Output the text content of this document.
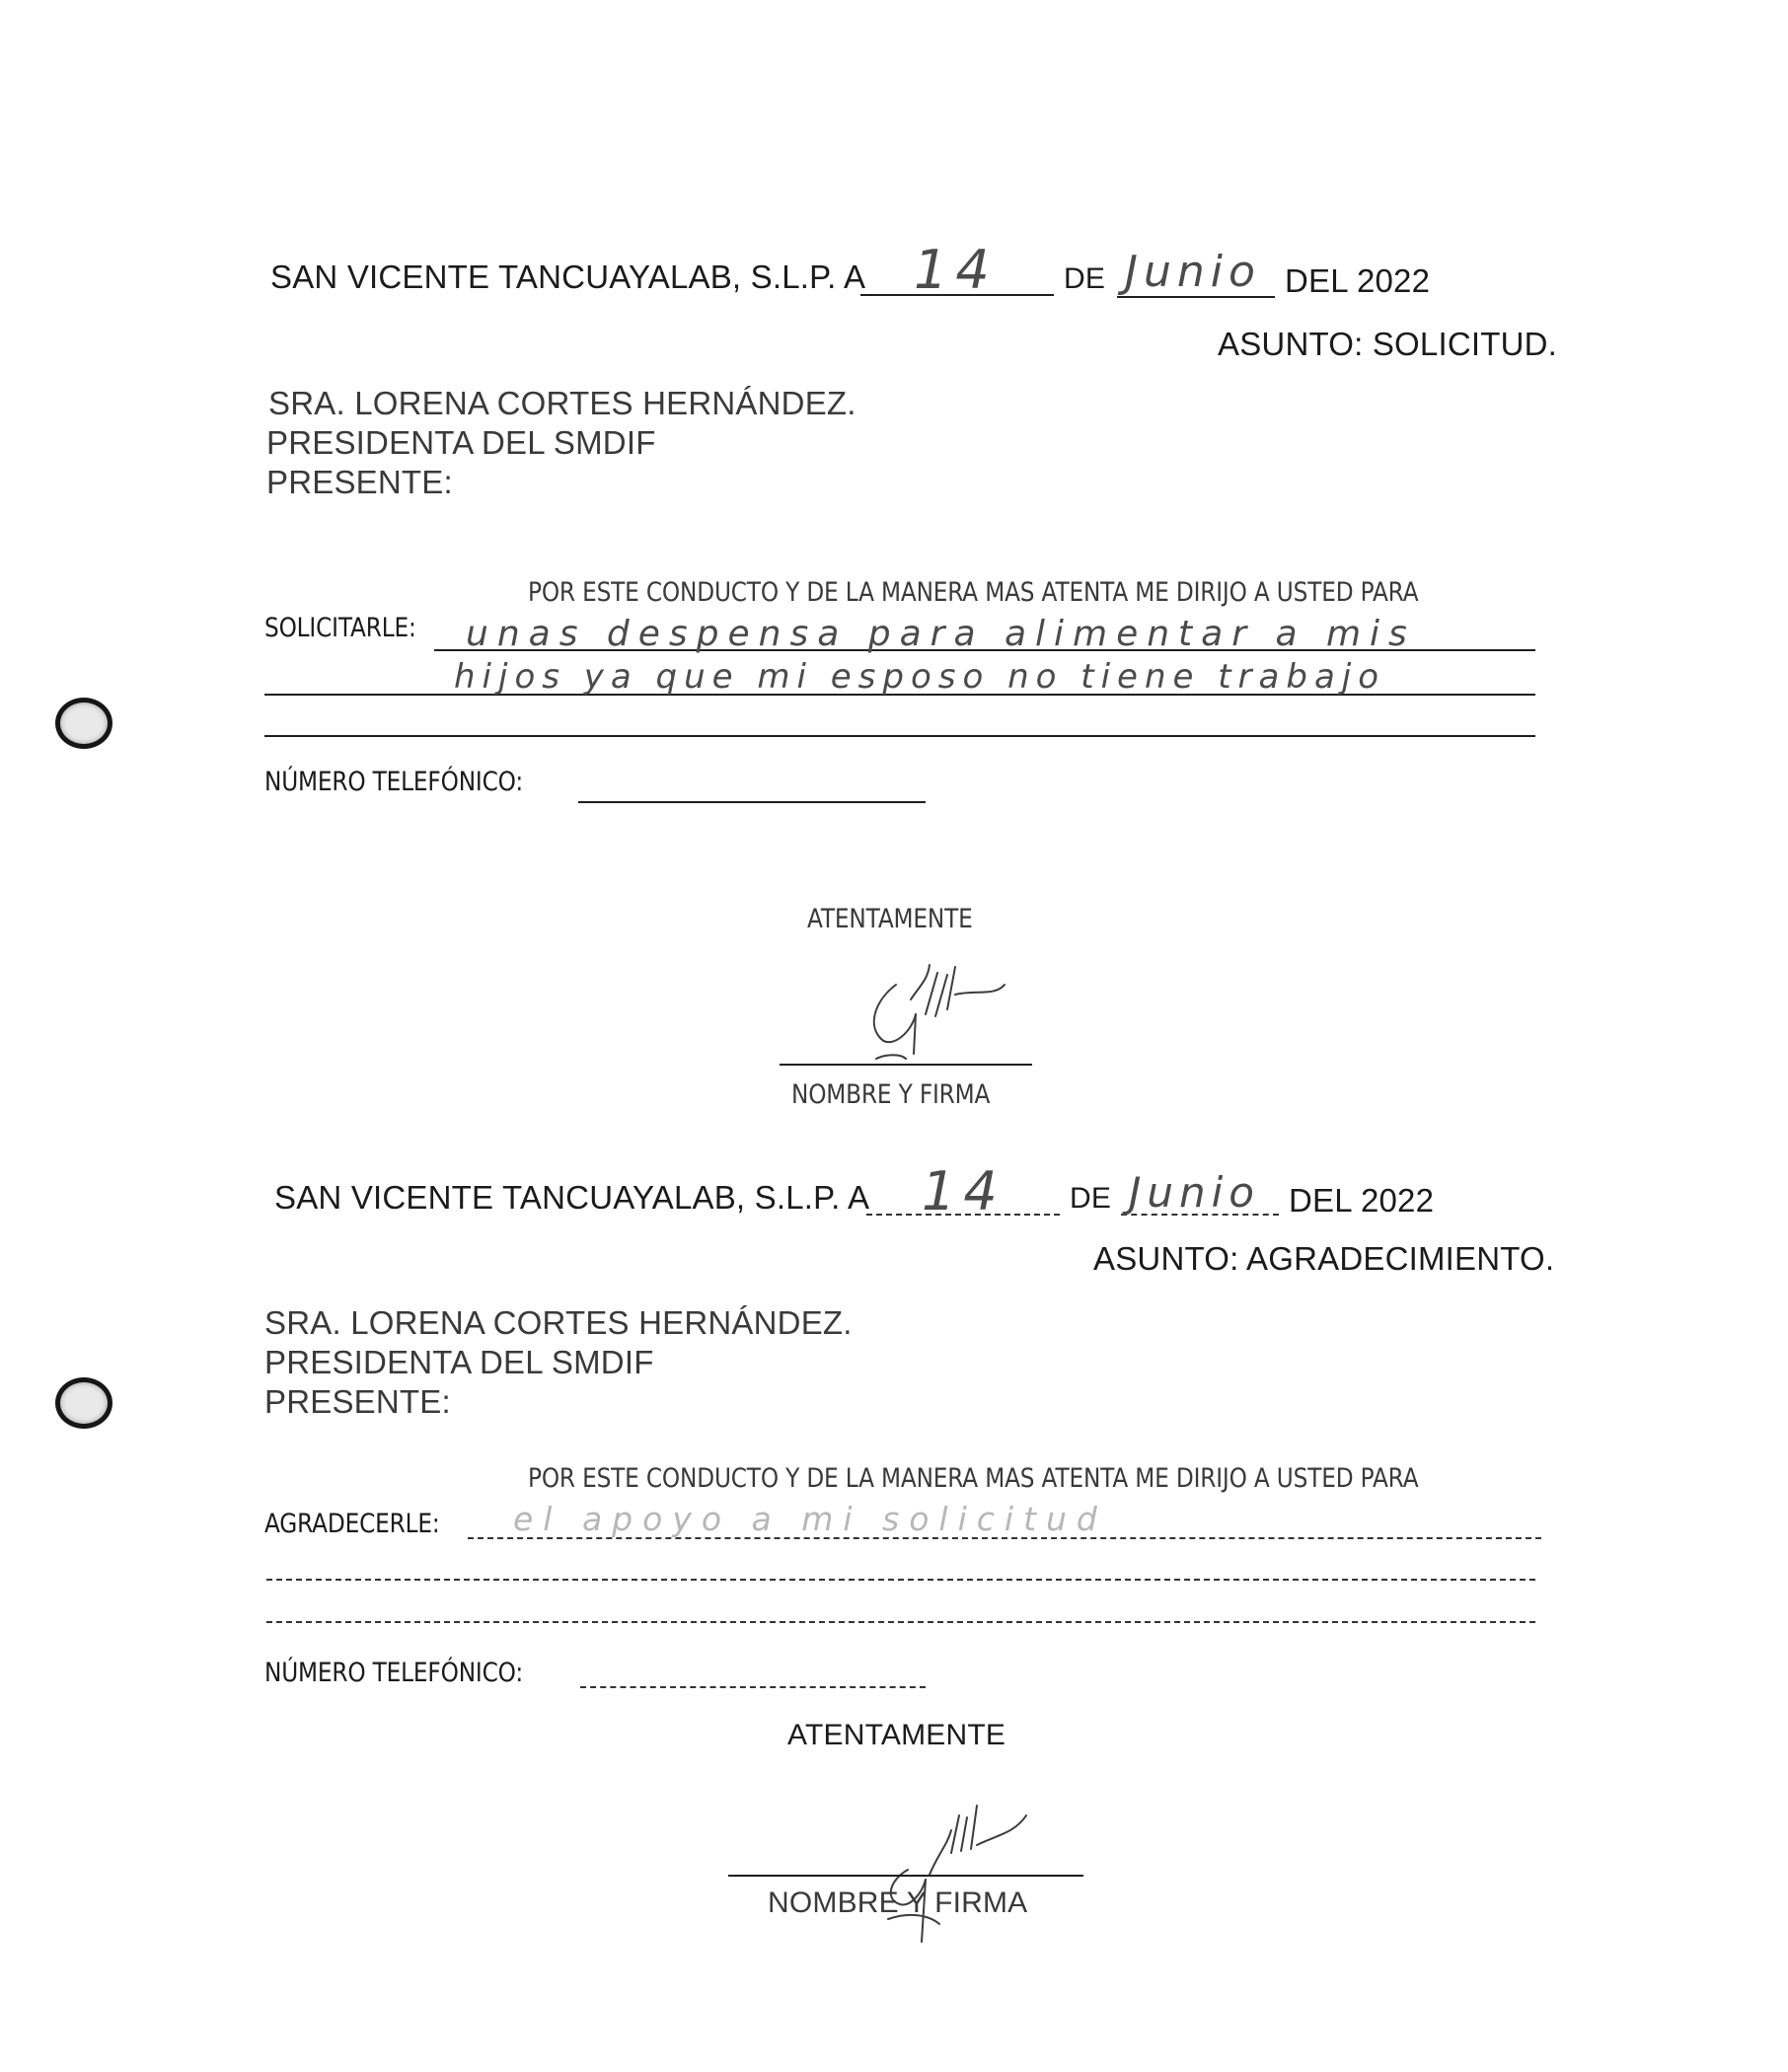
SAN VICENTE TANCUAYALAB, S.L.P. A 14 DE Junio DEL 2022
ASUNTO: SOLICITUD.
SRA. LORENA CORTES HERNÁNDEZ.
PRESIDENTA DEL SMDIF
PRESENTE:
POR ESTE CONDUCTO Y DE LA MANERA MAS ATENTA ME DIRIJO A USTED PARA
SOLICITARLE: unas despensa para alimentar a mis
hijos ya que mi esposo no tiene trabajo
NÚMERO TELEFÓNICO:
ATENTAMENTE
NOMBRE Y FIRMA
SAN VICENTE TANCUAYALAB, S.L.P. A 14 DE Junio DEL 2022
ASUNTO: AGRADECIMIENTO.
SRA. LORENA CORTES HERNÁNDEZ.
PRESIDENTA DEL SMDIF
PRESENTE:
POR ESTE CONDUCTO Y DE LA MANERA MAS ATENTA ME DIRIJO A USTED PARA
AGRADECERLE: el apoyo a mi solicitud
NÚMERO TELEFÓNICO:
ATENTAMENTE
NOMBRE Y FIRMA
